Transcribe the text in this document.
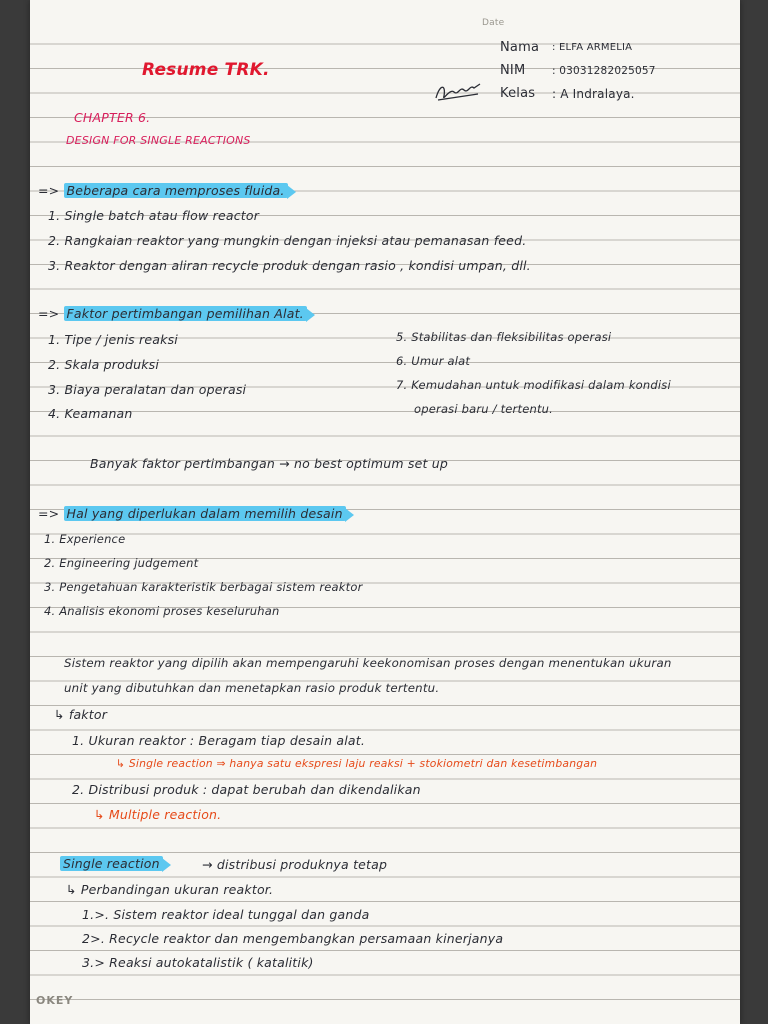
Date
Resume TRK.
Nama : ELFA ARMELIA
NIM	: 03031282025057
Kelas : A Indralaya.
CHAPTER 6.
DESIGN FOR SINGLE REACTIONS
=> Beberapa cara memproses fluida.
1. Single batch atau flow reactor
2. Rangkaian reaktor yang mungkin dengan injeksi atau pemanasan feed.
3. Reaktor dengan aliran recycle produk dengan rasio , kondisi umpan, dll.
=> Faktor pertimbangan pemilihan Alat.
1. Tipe / jenis reaksi
2. Skala produksi
3. Biaya peralatan dan operasi
4. Keamanan
5. Stabilitas dan fleksibilitas operasi
6. Umur alat
7. Kemudahan untuk modifikasi dalam kondisi
operasi baru / tertentu.
Banyak faktor pertimbangan → no best optimum set up
=> Hal yang diperlukan dalam memilih desain
1. Experience
2. Engineering judgement
3. Pengetahuan karakteristik berbagai sistem reaktor
4. Analisis ekonomi proses keseluruhan
Sistem reaktor yang dipilih akan mempengaruhi keekonomisan proses dengan menentukan ukuran
unit yang dibutuhkan dan menetapkan rasio produk tertentu.
↳ faktor
1. Ukuran reaktor : Beragam tiap desain alat.
↳ Single reaction ⇒ hanya satu ekspresi laju reaksi + stokiometri dan kesetimbangan
2. Distribusi produk : dapat berubah dan dikendalikan
↳ Multiple reaction.
Single reaction	→ distribusi produknya tetap
↳ Perbandingan ukuran reaktor.
1.>. Sistem reaktor ideal tunggal dan ganda
2>. Recycle reaktor dan mengembangkan persamaan kinerjanya
3.> Reaksi autokatalistik ( katalitik)
OKEY
